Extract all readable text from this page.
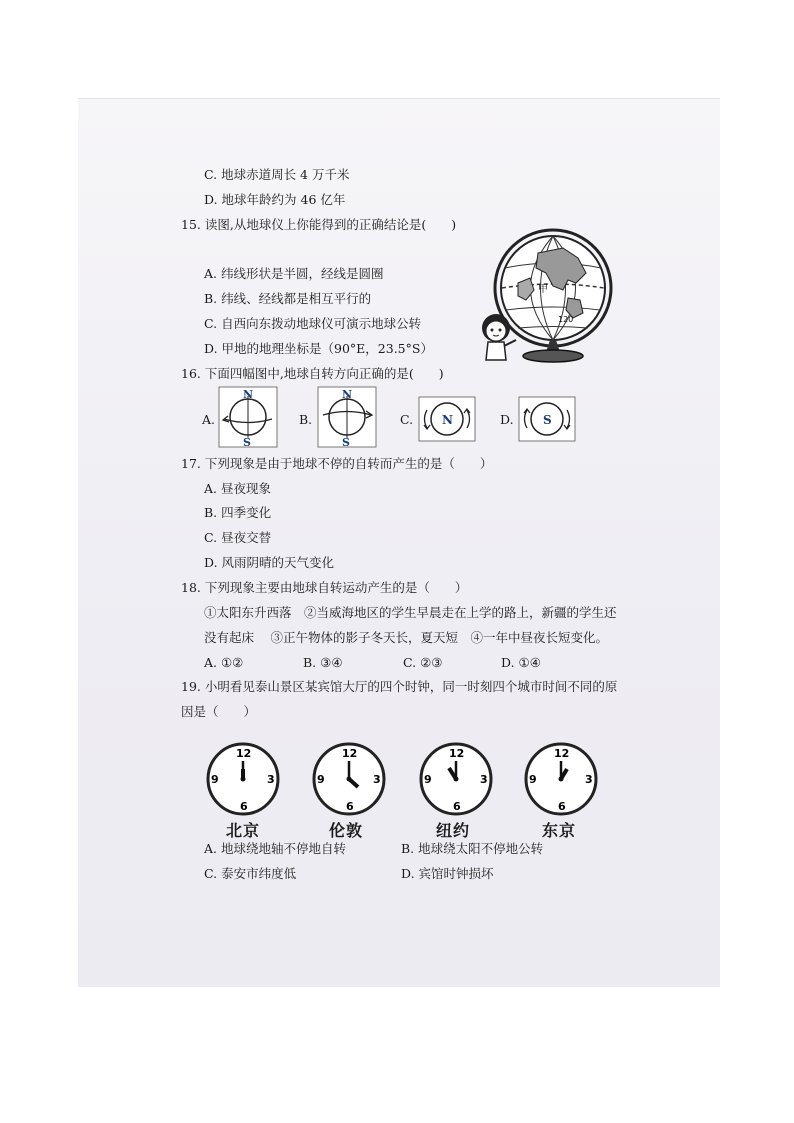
C. 地球赤道周长 4 万千米
D. 地球年龄约为 46 亿年
15. 读图,从地球仪上你能得到的正确结论是(　　)
A. 纬线形状是半圆，经线是圆圈
B. 纬线、经线都是相互平行的
C. 自西向东拨动地球仪可演示地球公转
D. 甲地的地理坐标是（90°E，23.5°S）
甲
120
16. 下面四幅图中,地球自转方向正确的是(　　)
A.
N
S
B.
N
S
C. N	D. S
17. 下列现象是由于地球不停的自转而产生的是（　　）
A. 昼夜现象
B. 四季变化
C. 昼夜交替
D. 风雨阴晴的天气变化
18. 下列现象主要由地球自转运动产生的是（　　）
①太阳东升西落　②当威海地区的学生早晨走在上学的路上，新疆的学生还
没有起床　 ③正午物体的影子冬天长，夏天短　④一年中昼夜长短变化。
A. ①②	B. ③④	C. ②③	D. ①④
19. 小明看见泰山景区某宾馆大厅的四个时钟，同一时刻四个城市时间不同的原
因是（　　）
12
3
6
9
北京
12
3
6
9
伦敦
12
3
6
9
纽约
12
3
6
9
东京
A. 地球绕地轴不停地自转	B. 地球绕太阳不停地公转
C. 泰安市纬度低	D. 宾馆时钟损坏
